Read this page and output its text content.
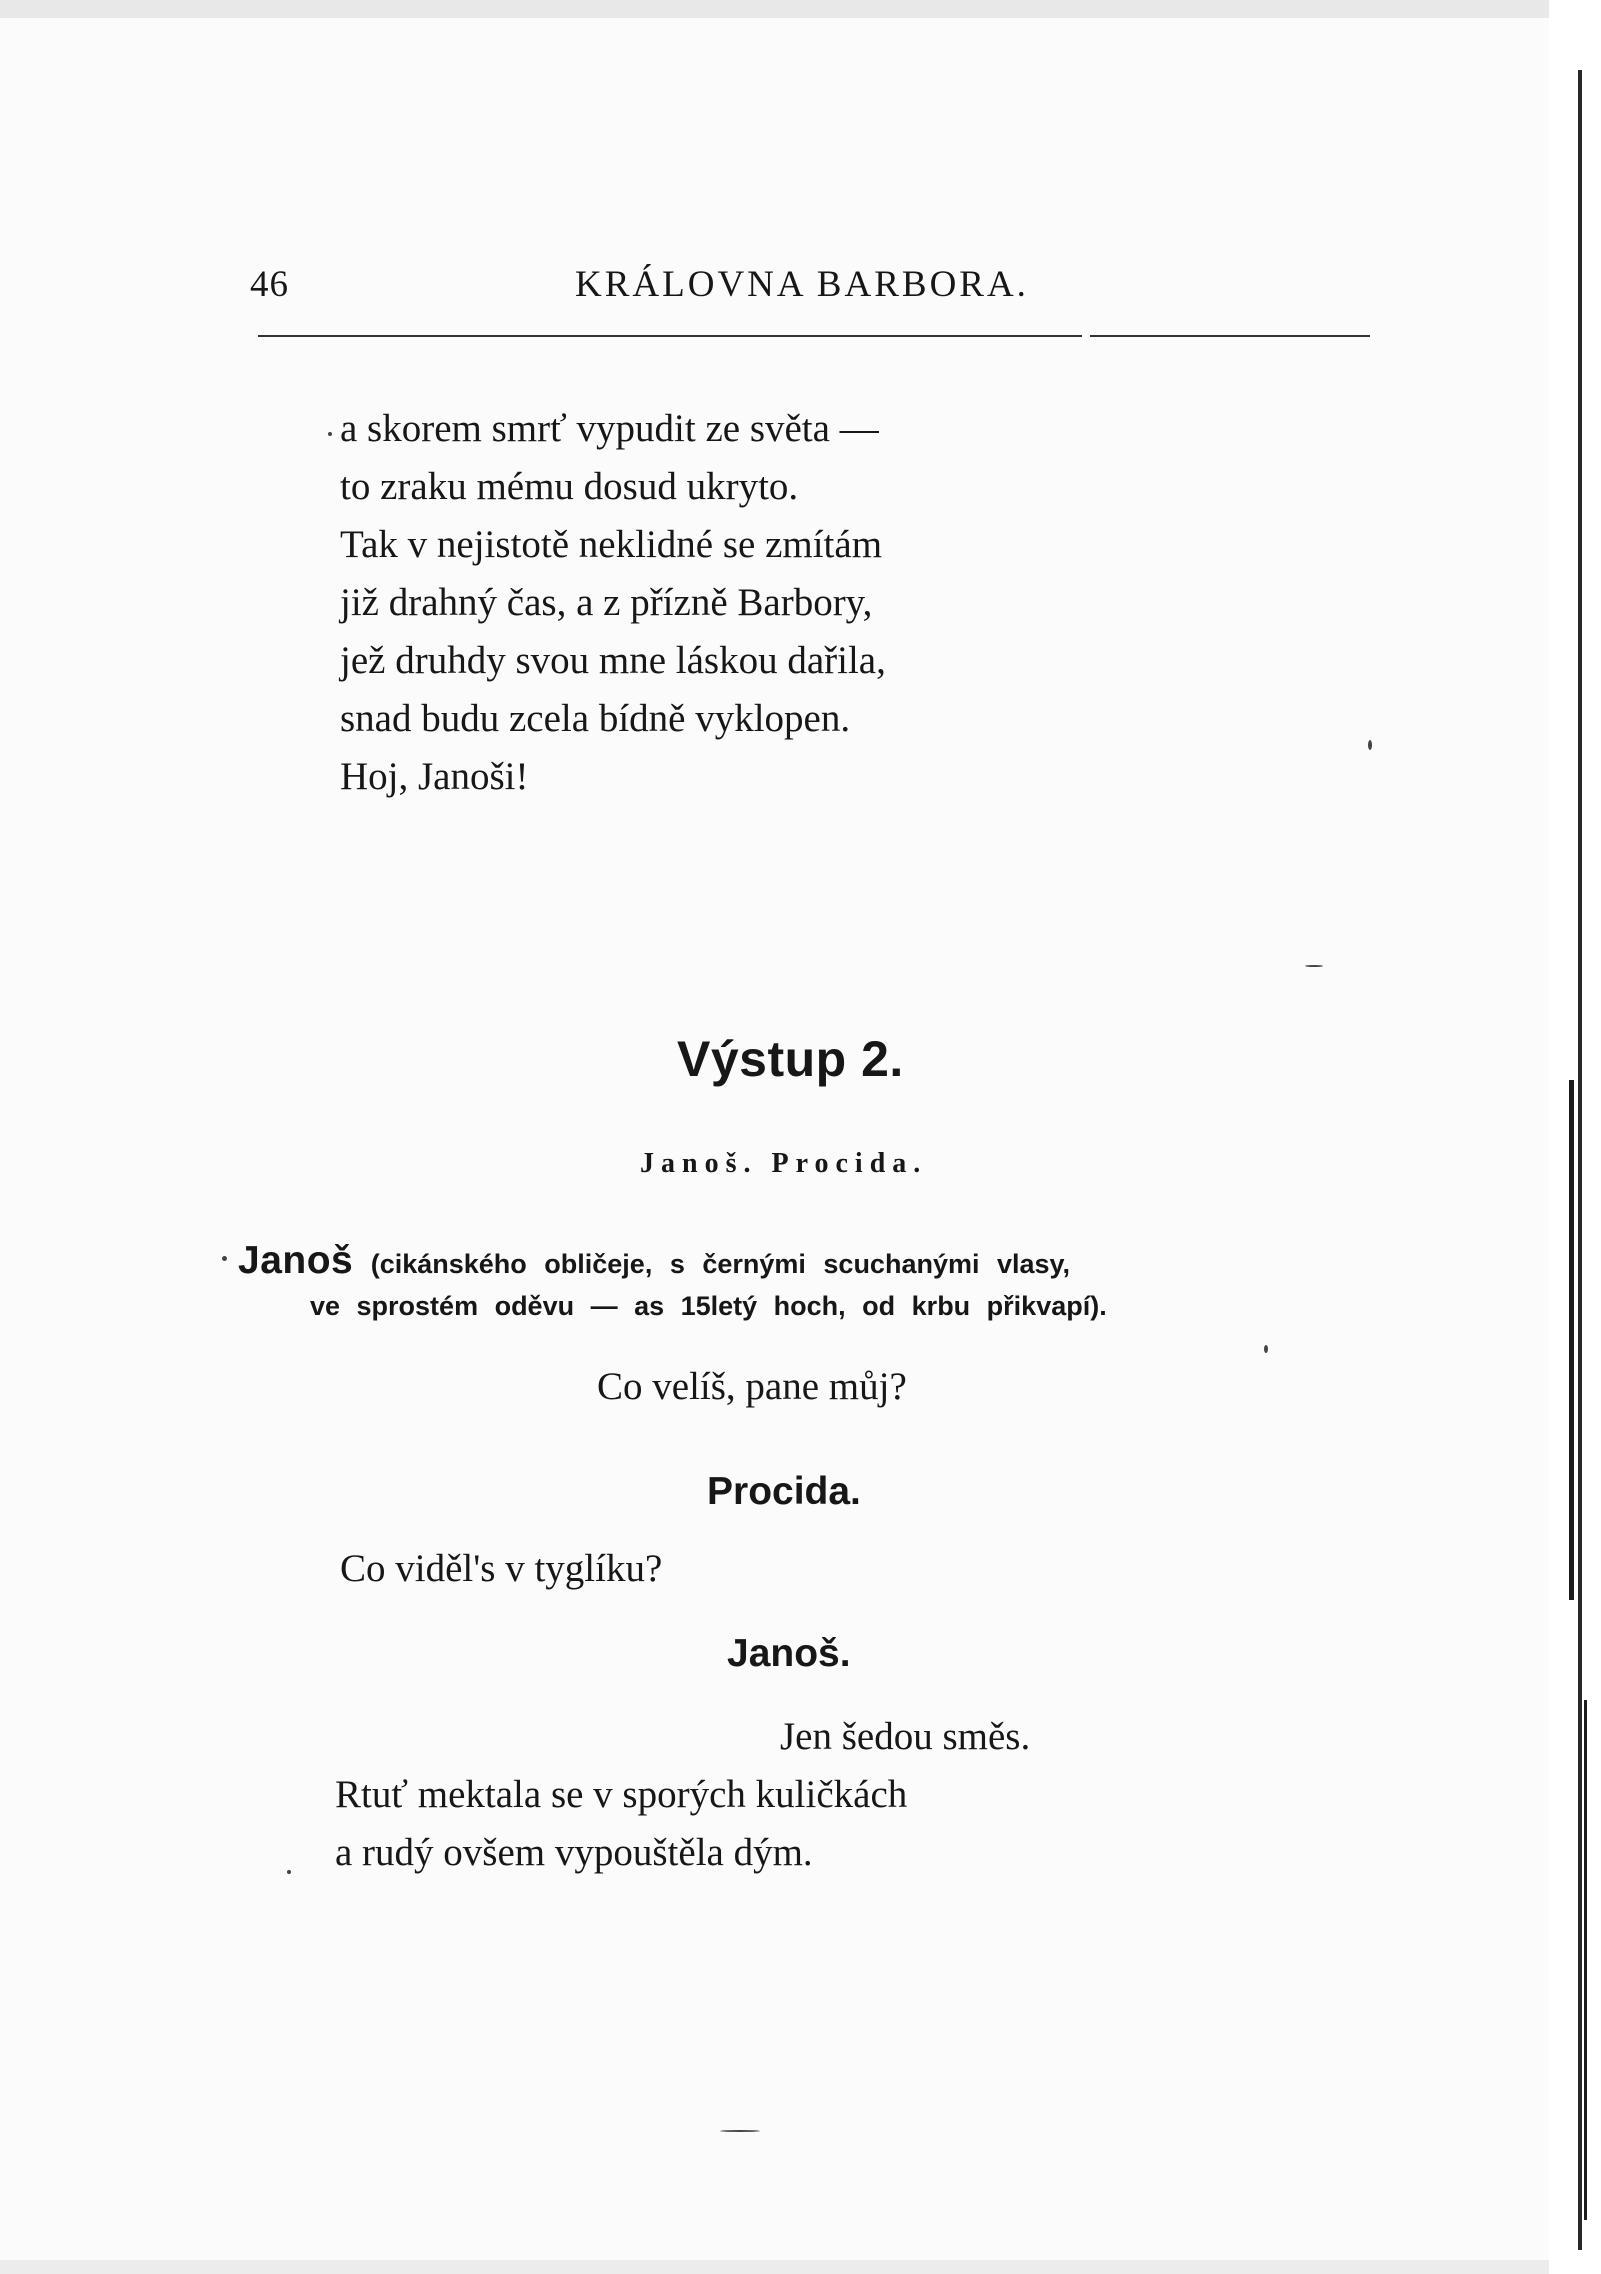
46	KRÁLOVNA BARBORA.
a skorem smrť vypudit ze světa —
to zraku mému dosud ukryto.
Tak v nejistotě neklidné se zmítám
již drahný čas, a z přízně Barbory,
jež druhdy svou mne láskou dařila,
snad budu zcela bídně vyklopen.
Hoj, Janoši!
Výstup 2.
Janoš. Procida.
Janoš (cikánského obličeje, s černými scuchanými vlasy,
ve sprostém oděvu — as 15letý hoch, od krbu přikvapí).
Co velíš, pane můj?
Procida.
Co viděl's v tyglíku?
Janoš.
Jen šedou směs.
Rtuť mektala se v sporých kuličkách
a rudý ovšem vypouštěla dým.
